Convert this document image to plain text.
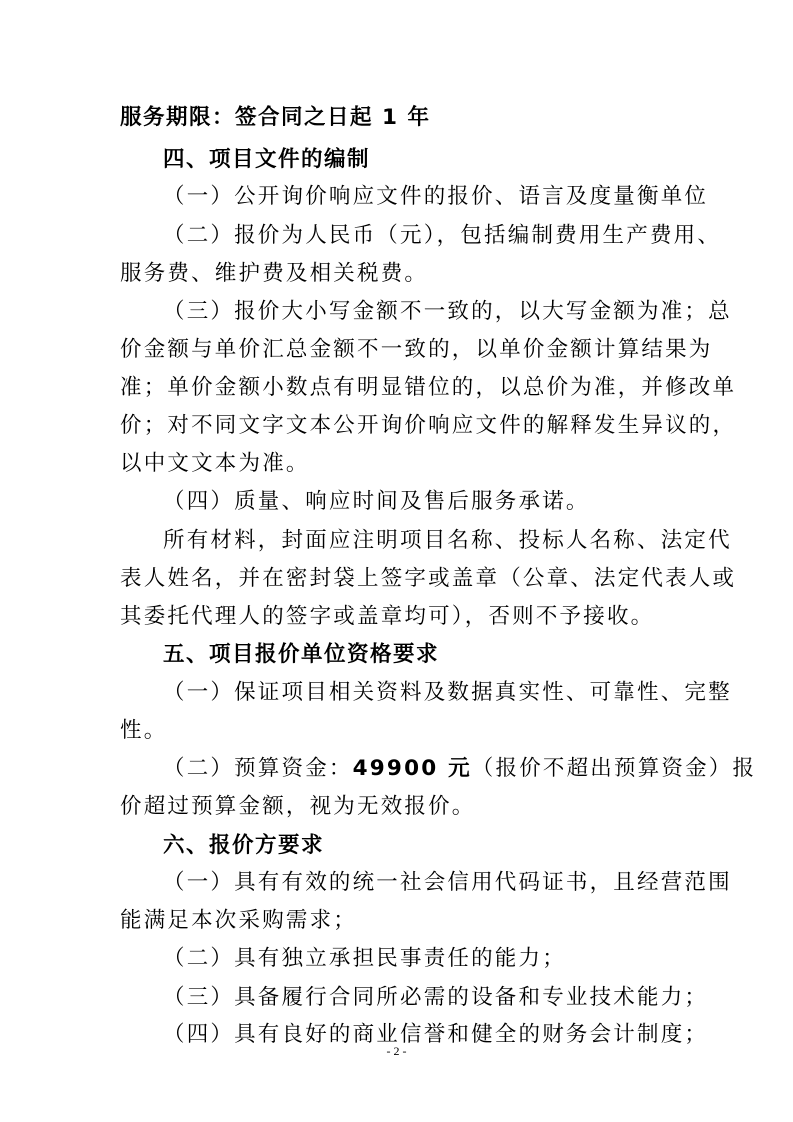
服务期限：签合同之日起 1 年
四、项目文件的编制
（一）公开询价响应文件的报价、语言及度量衡单位
（二）报价为人民币（元），包括编制费用生产费用、
服务费、维护费及相关税费。
（三）报价大小写金额不一致的，以大写金额为准；总
价金额与单价汇总金额不一致的，以单价金额计算结果为
准；单价金额小数点有明显错位的，以总价为准，并修改单
价；对不同文字文本公开询价响应文件的解释发生异议的，
以中文文本为准。
（四）质量、响应时间及售后服务承诺。
所有材料，封面应注明项目名称、投标人名称、法定代
表人姓名，并在密封袋上签字或盖章（公章、法定代表人或
其委托代理人的签字或盖章均可），否则不予接收。
五、项目报价单位资格要求
（一）保证项目相关资料及数据真实性、可靠性、完整
性。
（二）预算资金：49900 元（报价不超出预算资金）报
价超过预算金额，视为无效报价。
六、报价方要求
（一）具有有效的统一社会信用代码证书，且经营范围
能满足本次采购需求；
（二）具有独立承担民事责任的能力；
（三）具备履行合同所必需的设备和专业技术能力；
（四）具有良好的商业信誉和健全的财务会计制度；
- 2 -
